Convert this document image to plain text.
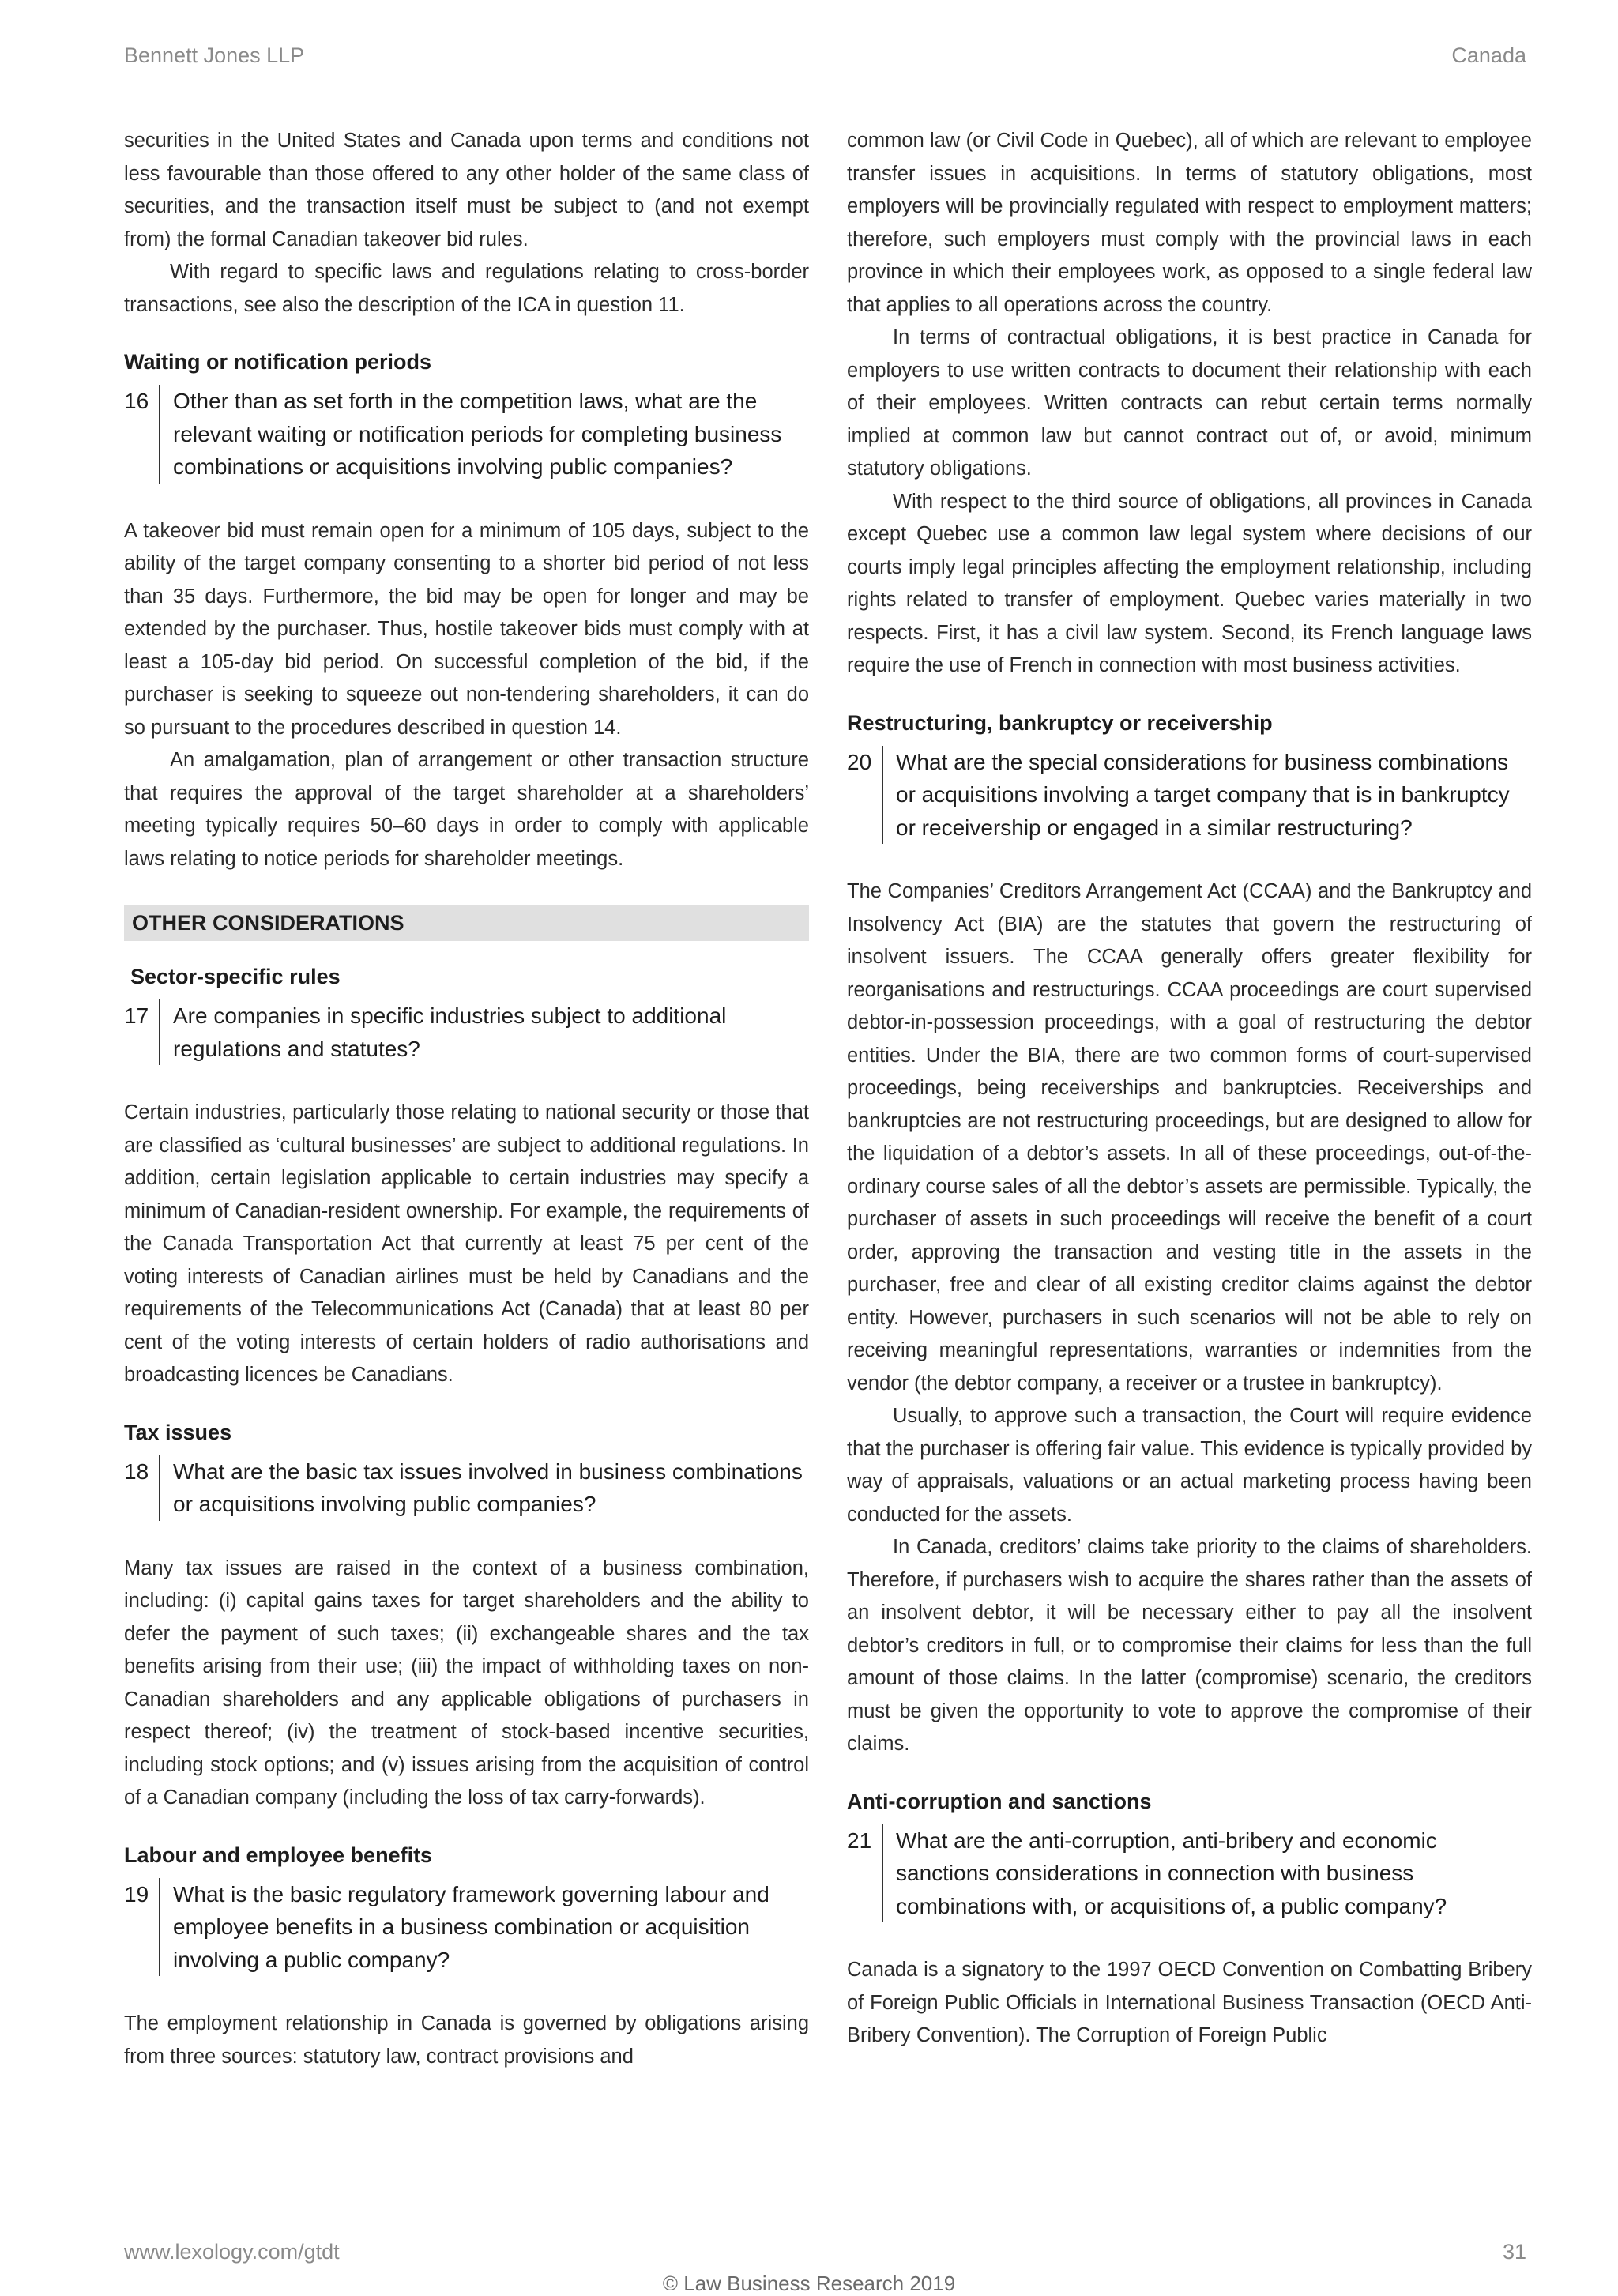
Bennett Jones LLP	Canada

securities in the United States and Canada upon terms and conditions not less favourable than those offered to any other holder of the same class of securities, and the transaction itself must be subject to (and not exempt from) the formal Canadian takeover bid rules.

With regard to specific laws and regulations relating to cross-border transactions, see also the description of the ICA in question 11.

Waiting or notification periods
16	Other than as set forth in the competition laws, what are the relevant waiting or notification periods for completing business combinations or acquisitions involving public companies?

A takeover bid must remain open for a minimum of 105 days, subject to the ability of the target company consenting to a shorter bid period of not less than 35 days. Furthermore, the bid may be open for longer and may be extended by the purchaser. Thus, hostile takeover bids must comply with at least a 105-day bid period. On successful completion of the bid, if the purchaser is seeking to squeeze out non-tendering shareholders, it can do so pursuant to the procedures described in question 14.

An amalgamation, plan of arrangement or other transaction structure that requires the approval of the target shareholder at a shareholders’ meeting typically requires 50–60 days in order to comply with applicable laws relating to notice periods for shareholder meetings.

OTHER CONSIDERATIONS
Sector-specific rules
17	Are companies in specific industries subject to additional regulations and statutes?

Certain industries, particularly those relating to national security or those that are classified as ‘cultural businesses’ are subject to additional regulations. In addition, certain legislation applicable to certain industries may specify a minimum of Canadian-resident ownership. For example, the requirements of the Canada Transportation Act that currently at least 75 per cent of the voting interests of Canadian airlines must be held by Canadians and the requirements of the Telecommunications Act (Canada) that at least 80 per cent of the voting interests of certain holders of radio authorisations and broadcasting licences be Canadians.

Tax issues
18	What are the basic tax issues involved in business combinations or acquisitions involving public companies?

Many tax issues are raised in the context of a business combination, including: (i) capital gains taxes for target shareholders and the ability to defer the payment of such taxes; (ii) exchangeable shares and the tax benefits arising from their use; (iii) the impact of withholding taxes on non-Canadian shareholders and any applicable obligations of purchasers in respect thereof; (iv) the treatment of stock-based incentive securities, including stock options; and (v) issues arising from the acquisition of control of a Canadian company (including the loss of tax carry-forwards).

Labour and employee benefits
19	What is the basic regulatory framework governing labour and employee benefits in a business combination or acquisition involving a public company?

The employment relationship in Canada is governed by obligations arising from three sources: statutory law, contract provisions and

common law (or Civil Code in Quebec), all of which are relevant to employee transfer issues in acquisitions. In terms of statutory obligations, most employers will be provincially regulated with respect to employment matters; therefore, such employers must comply with the provincial laws in each province in which their employees work, as opposed to a single federal law that applies to all operations across the country.

In terms of contractual obligations, it is best practice in Canada for employers to use written contracts to document their relationship with each of their employees. Written contracts can rebut certain terms normally implied at common law but cannot contract out of, or avoid, minimum statutory obligations.

With respect to the third source of obligations, all provinces in Canada except Quebec use a common law legal system where decisions of our courts imply legal principles affecting the employment relationship, including rights related to transfer of employment. Quebec varies materially in two respects. First, it has a civil law system. Second, its French language laws require the use of French in connection with most business activities.

Restructuring, bankruptcy or receivership
20	What are the special considerations for business combinations or acquisitions involving a target company that is in bankruptcy or receivership or engaged in a similar restructuring?

The Companies’ Creditors Arrangement Act (CCAA) and the Bankruptcy and Insolvency Act (BIA) are the statutes that govern the restructuring of insolvent issuers. The CCAA generally offers greater flexibility for reorganisations and restructurings. CCAA proceedings are court supervised debtor-in-possession proceedings, with a goal of restructuring the debtor entities. Under the BIA, there are two common forms of court-supervised proceedings, being receiverships and bankruptcies. Receiverships and bankruptcies are not restructuring proceedings, but are designed to allow for the liquidation of a debtor’s assets. In all of these proceedings, out-of-the-ordinary course sales of all the debtor’s assets are permissible. Typically, the purchaser of assets in such proceedings will receive the benefit of a court order, approving the transaction and vesting title in the assets in the purchaser, free and clear of all existing creditor claims against the debtor entity. However, purchasers in such scenarios will not be able to rely on receiving meaningful representations, warranties or indemnities from the vendor (the debtor company, a receiver or a trustee in bankruptcy).

Usually, to approve such a transaction, the Court will require evidence that the purchaser is offering fair value. This evidence is typically provided by way of appraisals, valuations or an actual marketing process having been conducted for the assets.

In Canada, creditors’ claims take priority to the claims of shareholders. Therefore, if purchasers wish to acquire the shares rather than the assets of an insolvent debtor, it will be necessary either to pay all the insolvent debtor’s creditors in full, or to compromise their claims for less than the full amount of those claims. In the latter (compromise) scenario, the creditors must be given the opportunity to vote to approve the compromise of their claims.

Anti-corruption and sanctions
21	What are the anti-corruption, anti-bribery and economic sanctions considerations in connection with business combinations with, or acquisitions of, a public company?

Canada is a signatory to the 1997 OECD Convention on Combatting Bribery of Foreign Public Officials in International Business Transaction (OECD Anti-Bribery Convention). The Corruption of Foreign Public

www.lexology.com/gtdt	31
© Law Business Research 2019
